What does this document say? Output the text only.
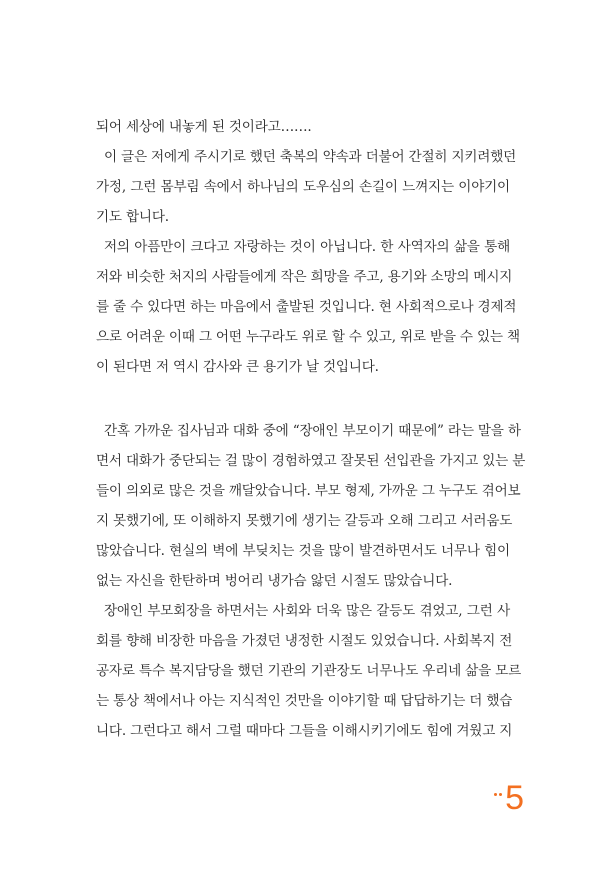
되어 세상에 내놓게 된 것이라고…….
이 글은 저에게 주시기로 했던 축복의 약속과 더불어 간절히 지키려했던
가정, 그런 몸부림 속에서 하나님의 도우심의 손길이 느껴지는 이야기이
기도 합니다.
저의 아픔만이 크다고 자랑하는 것이 아닙니다. 한 사역자의 삶을 통해
저와 비슷한 처지의 사람들에게 작은 희망을 주고, 용기와 소망의 메시지
를 줄 수 있다면 하는 마음에서 출발된 것입니다. 현 사회적으로나 경제적
으로 어려운 이때 그 어떤 누구라도 위로 할 수 있고, 위로 받을 수 있는 책
이 된다면 저 역시 감사와 큰 용기가 날 것입니다.
간혹 가까운 집사님과 대화 중에 “장애인 부모이기 때문에” 라는 말을 하
면서 대화가 중단되는 걸 많이 경험하였고 잘못된 선입관을 가지고 있는 분
들이 의외로 많은 것을 깨달았습니다. 부모 형제, 가까운 그 누구도 겪어보
지 못했기에, 또 이해하지 못했기에 생기는 갈등과 오해 그리고 서러움도
많았습니다. 현실의 벽에 부딪치는 것을 많이 발견하면서도 너무나 힘이
없는 자신을 한탄하며 벙어리 냉가슴 앓던 시절도 많았습니다.
장애인 부모회장을 하면서는 사회와 더욱 많은 갈등도 겪었고, 그런 사
회를 향해 비장한 마음을 가졌던 냉정한 시절도 있었습니다. 사회복지 전
공자로 특수 복지담당을 했던 기관의 기관장도 너무나도 우리네 삶을 모르
는 통상 책에서나 아는 지식적인 것만을 이야기할 때 답답하기는 더 했습
니다. 그런다고 해서 그럴 때마다 그들을 이해시키기에도 힘에 겨웠고 지
5
